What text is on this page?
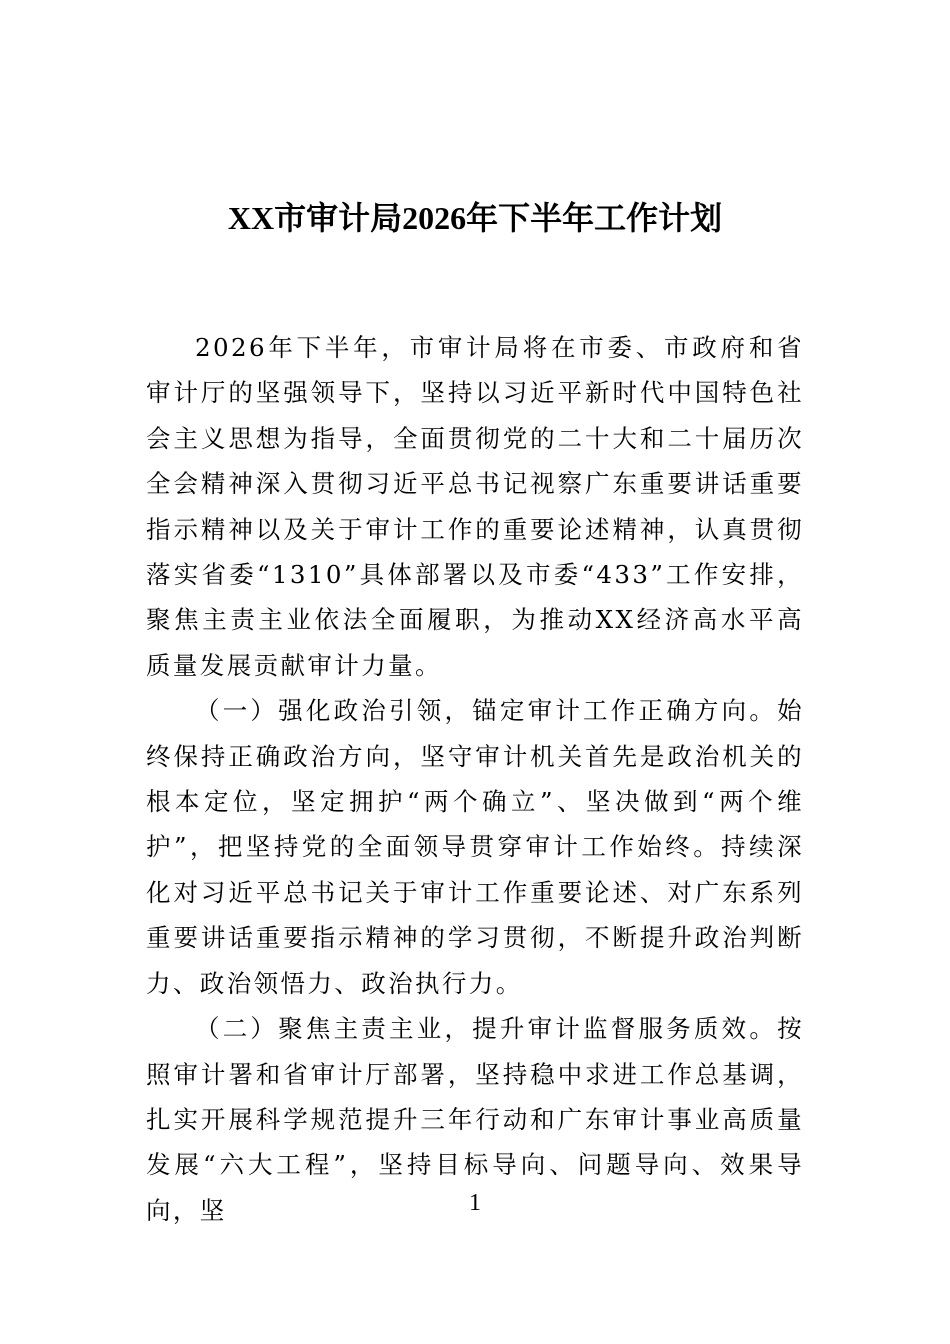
XX市审计局2026年下半年工作计划

2026年下半年，市审计局将在市委、市政府和省审计厅的坚强领导下，坚持以习近平新时代中国特色社会主义思想为指导，全面贯彻党的二十大和二十届历次全会精神深入贯彻习近平总书记视察广东重要讲话重要指示精神以及关于审计工作的重要论述精神，认真贯彻落实省委“1310”具体部署以及市委“433”工作安排，聚焦主责主业依法全面履职，为推动XX经济高水平高质量发展贡献审计力量。

（一）强化政治引领，锚定审计工作正确方向。始终保持正确政治方向，坚守审计机关首先是政治机关的根本定位，坚定拥护“两个确立”、坚决做到“两个维护”，把坚持党的全面领导贯穿审计工作始终。持续深化对习近平总书记关于审计工作重要论述、对广东系列重要讲话重要指示精神的学习贯彻，不断提升政治判断力、政治领悟力、政治执行力。

（二）聚焦主责主业，提升审计监督服务质效。按照审计署和省审计厅部署，坚持稳中求进工作总基调，扎实开展科学规范提升三年行动和广东审计事业高质量发展“六大工程”，坚持目标导向、问题导向、效果导向，坚	1
